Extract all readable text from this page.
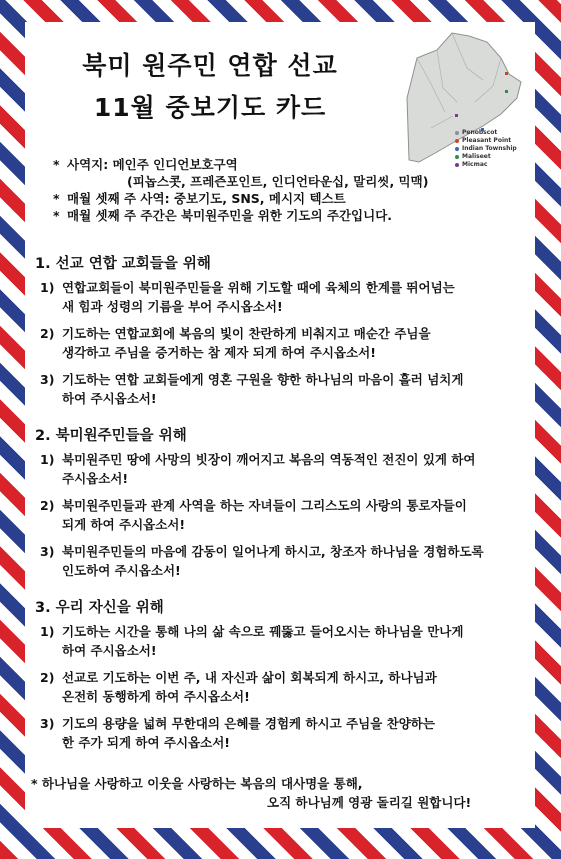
북미 원주민 연합 선교
11월 중보기도 카드
Penobscot
Pleasant Point
Indian Township
Maliseet
Micmac
* 사역지: 메인주 인디언보호구역
(피놉스콧, 프레즌포인트, 인디언타운십, 말리씻, 믹맥)
* 매월 셋째 주 사역: 중보기도, SNS, 메시지 텍스트
* 매월 셋째 주 주간은 북미원주민을 위한 기도의 주간입니다.
1. 선교 연합 교회들을 위해
1) 연합교회들이 북미원주민들을 위해 기도할 때에 육체의 한계를 뛰어넘는
새 힘과 성령의 기름을 부어 주시옵소서!
2) 기도하는 연합교회에 복음의 빛이 찬란하게 비춰지고 매순간 주님을
생각하고 주님을 증거하는 참 제자 되게 하여 주시옵소서!
3) 기도하는 연합 교회들에게 영혼 구원을 향한 하나님의 마음이 흘러 넘치게
하여 주시옵소서!
2. 북미원주민들을 위해
1) 북미원주민 땅에 사망의 빗장이 깨어지고 복음의 역동적인 전진이 있게 하여
주시옵소서!
2) 북미원주민들과 관계 사역을 하는 자녀들이 그리스도의 사랑의 통로자들이
되게 하여 주시옵소서!
3) 북미원주민들의 마음에 감동이 일어나게 하시고, 창조자 하나님을 경험하도록
인도하여 주시옵소서!
3. 우리 자신을 위해
1) 기도하는 시간을 통해 나의 삶 속으로 꿰뚫고 들어오시는 하나님을 만나게
하여 주시옵소서!
2) 선교로 기도하는 이번 주, 내 자신과 삶이 회복되게 하시고, 하나님과
온전히 동행하게 하여 주시옵소서!
3) 기도의 용량을 넓혀 무한대의 은혜를 경험케 하시고 주님을 찬양하는
한 주가 되게 하여 주시옵소서!
* 하나님을 사랑하고 이웃을 사랑하는 복음의 대사명을 통해,
오직 하나님께 영광 돌리길 원합니다!
